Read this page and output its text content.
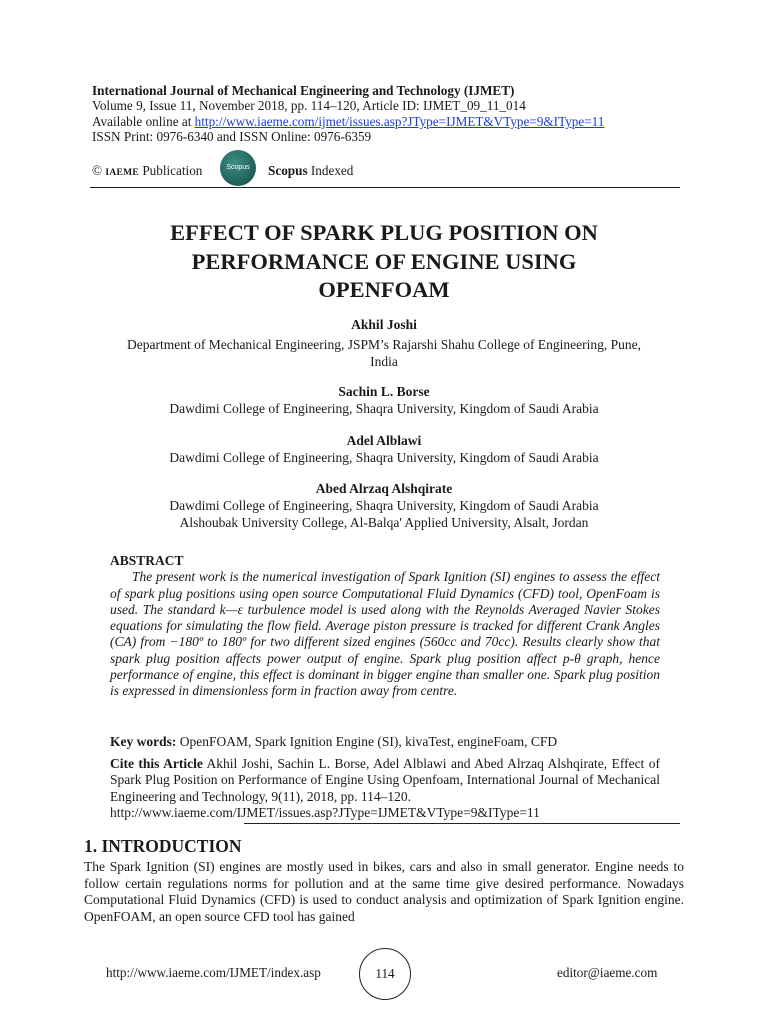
International Journal of Mechanical Engineering and Technology (IJMET)
Volume 9, Issue 11, November 2018, pp. 114–120, Article ID: IJMET_09_11_014
Available online at http://www.iaeme.com/ijmet/issues.asp?JType=IJMET&VType=9&IType=11
ISSN Print: 0976-6340 and ISSN Online: 0976-6359
© IAEME Publication	Scopus	Scopus Indexed
EFFECT OF SPARK PLUG POSITION ON
PERFORMANCE OF ENGINE USING
OPENFOAM
Akhil Joshi
Department of Mechanical Engineering, JSPM’s Rajarshi Shahu College of Engineering, Pune,
India
Sachin L. Borse
Dawdimi College of Engineering, Shaqra University, Kingdom of Saudi Arabia
Adel Alblawi
Dawdimi College of Engineering, Shaqra University, Kingdom of Saudi Arabia
Abed Alrzaq Alshqirate
Dawdimi College of Engineering, Shaqra University, Kingdom of Saudi Arabia
Alshoubak University College, Al-Balqa' Applied University, Alsalt, Jordan
ABSTRACT
The present work is the numerical investigation of Spark Ignition (SI) engines to assess the effect of spark plug positions using open source Computational Fluid Dynamics (CFD) tool, OpenFoam is used. The standard k—ε turbulence model is used along with the Reynolds Averaged Navier Stokes equations for simulating the flow field. Average piston pressure is tracked for different Crank Angles (CA) from −180º to 180º for two different sized engines (560cc and 70cc). Results clearly show that spark plug position affects power output of engine. Spark plug position affect p-θ graph, hence performance of engine, this effect is dominant in bigger engine than smaller one. Spark plug position is expressed in dimensionless form in fraction away from centre.
Key words: OpenFOAM, Spark Ignition Engine (SI), kivaTest, engineFoam, CFD
Cite this Article Akhil Joshi, Sachin L. Borse, Adel Alblawi and Abed Alrzaq Alshqirate, Effect of Spark Plug Position on Performance of Engine Using Openfoam, International Journal of Mechanical Engineering and Technology, 9(11), 2018, pp. 114–120.
http://www.iaeme.com/IJMET/issues.asp?JType=IJMET&VType=9&IType=11
1. INTRODUCTION
The Spark Ignition (SI) engines are mostly used in bikes, cars and also in small generator. Engine needs to follow certain regulations norms for pollution and at the same time give desired performance. Nowadays Computational Fluid Dynamics (CFD) is used to conduct analysis and optimization of Spark Ignition engine. OpenFOAM, an open source CFD tool has gained
http://www.iaeme.com/IJMET/index.asp	114	editor@iaeme.com
